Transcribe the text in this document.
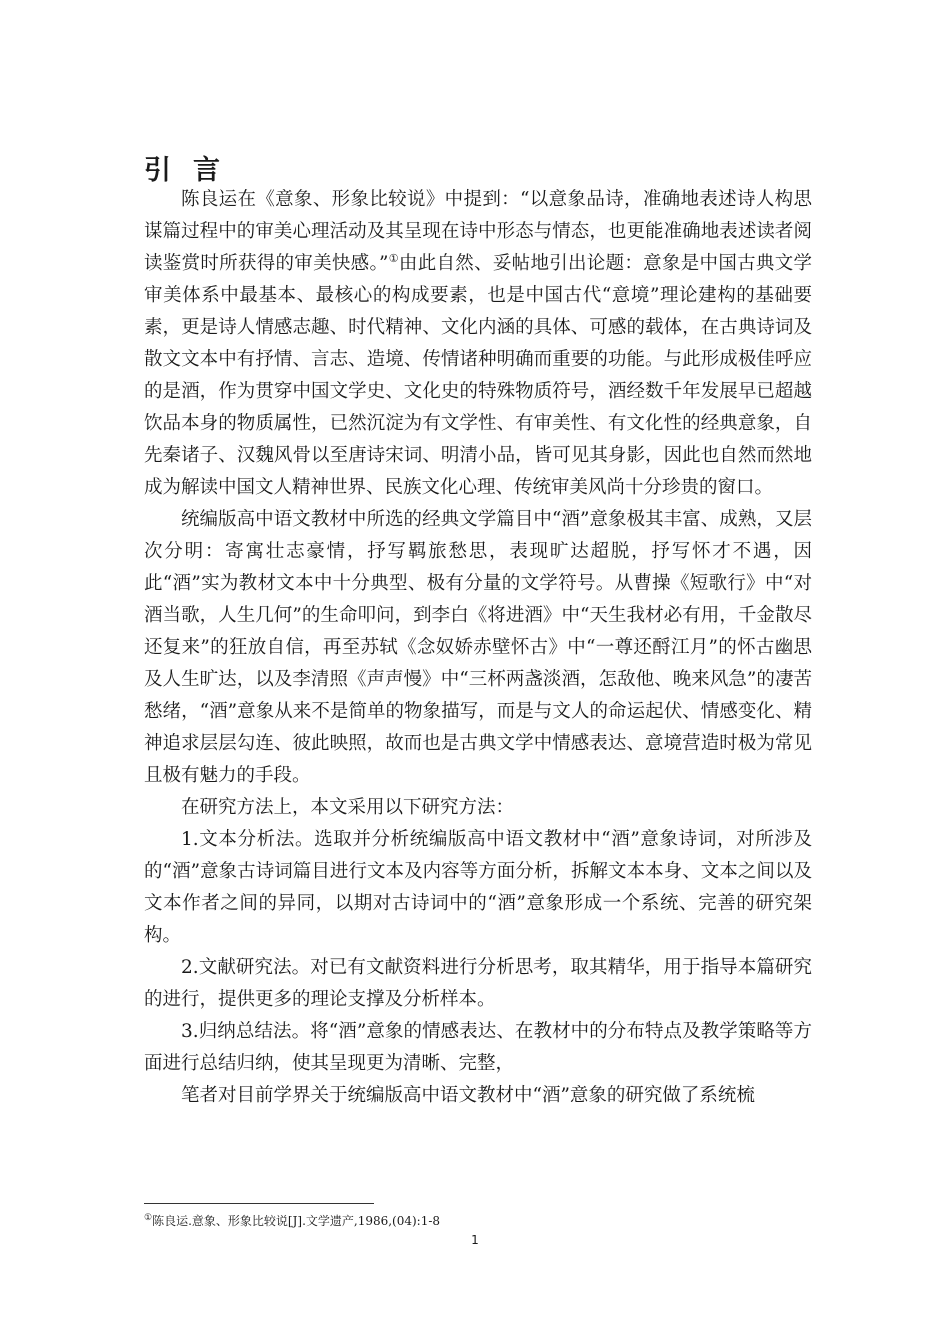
引言

陈良运在《意象、形象比较说》中提到：“以意象品诗，准确地表述诗人构思谋篇过程中的审美心理活动及其呈现在诗中形态与情态，也更能准确地表述读者阅读鉴赏时所获得的审美快感。”①由此自然、妥帖地引出论题：意象是中国古典文学审美体系中最基本、最核心的构成要素，也是中国古代“意境”理论建构的基础要素，更是诗人情感志趣、时代精神、文化内涵的具体、可感的载体，在古典诗词及散文文本中有抒情、言志、造境、传情诸种明确而重要的功能。与此形成极佳呼应的是酒，作为贯穿中国文学史、文化史的特殊物质符号，酒经数千年发展早已超越饮品本身的物质属性，已然沉淀为有文学性、有审美性、有文化性的经典意象，自先秦诸子、汉魏风骨以至唐诗宋词、明清小品，皆可见其身影，因此也自然而然地成为解读中国文人精神世界、民族文化心理、传统审美风尚十分珍贵的窗口。

统编版高中语文教材中所选的经典文学篇目中“酒”意象极其丰富、成熟，又层次分明：寄寓壮志豪情，抒写羁旅愁思，表现旷达超脱，抒写怀才不遇，因此“酒”实为教材文本中十分典型、极有分量的文学符号。从曹操《短歌行》中“对酒当歌，人生几何”的生命叩问，到李白《将进酒》中“天生我材必有用，千金散尽还复来”的狂放自信，再至苏轼《念奴娇赤壁怀古》中“一尊还酹江月”的怀古幽思及人生旷达，以及李清照《声声慢》中“三杯两盏淡酒，怎敌他、晚来风急”的凄苦愁绪，“酒”意象从来不是简单的物象描写，而是与文人的命运起伏、情感变化、精神追求层层勾连、彼此映照，故而也是古典文学中情感表达、意境营造时极为常见且极有魅力的手段。

在研究方法上，本文采用以下研究方法：

1.文本分析法。选取并分析统编版高中语文教材中“酒”意象诗词，对所涉及的“酒”意象古诗词篇目进行文本及内容等方面分析，拆解文本本身、文本之间以及文本作者之间的异同，以期对古诗词中的“酒”意象形成一个系统、完善的研究架构。

2.文献研究法。对已有文献资料进行分析思考，取其精华，用于指导本篇研究的进行，提供更多的理论支撑及分析样本。

3.归纳总结法。将“酒”意象的情感表达、在教材中的分布特点及教学策略等方面进行总结归纳，使其呈现更为清晰、完整，

笔者对目前学界关于统编版高中语文教材中“酒”意象的研究做了系统梳

①陈良运.意象、形象比较说[J].文学遗产,1986,(04):1-8
1
